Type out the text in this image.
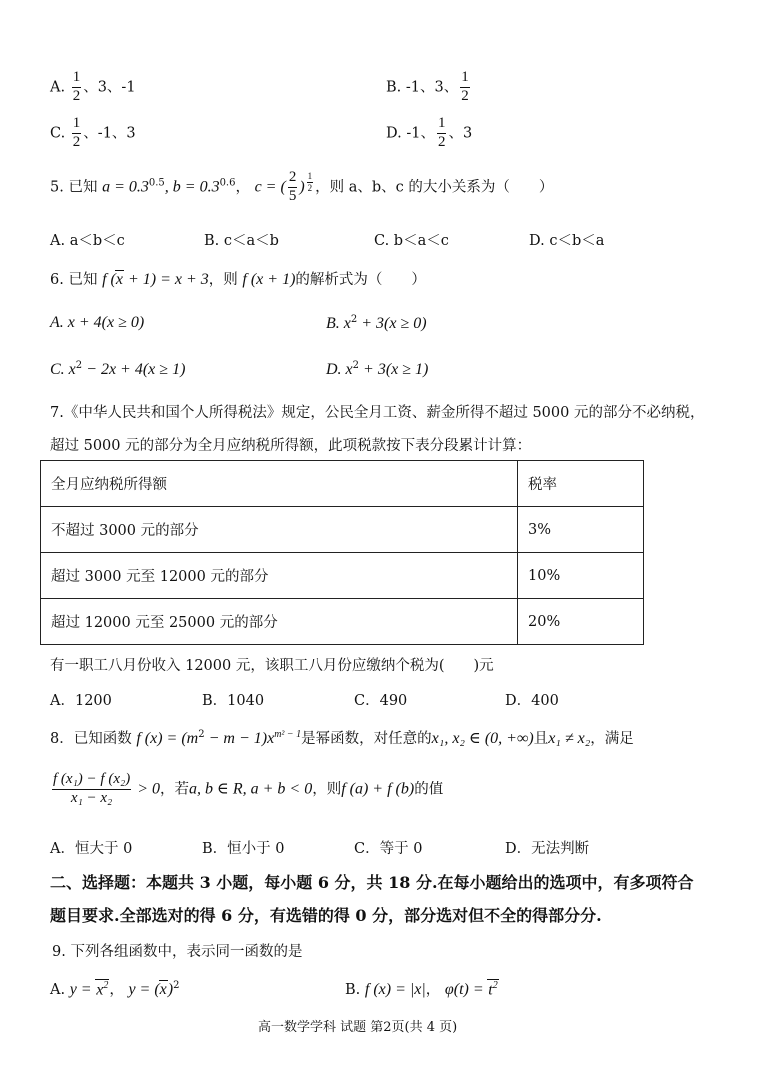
A. $\frac{1}{2}$ 、3、-1	B. -1、3、 $\frac{1}{2}$
C. $\frac{1}{2}$ 、-1、3	D. -1、 $\frac{1}{2}$ 、3
5. 已知 $a = 0.3^{0.5}$, $b = 0.3^{0.6}$， c = ( $\frac{2}{5}$ ) $^{\frac{1}{2}}$ ，则 a、b、c 的大小关系为（　　）
A. a＜b＜c	B. c＜a＜b	C. b＜a＜c	D. c＜b＜a
6. 已知 f (x + 1) = x + 3，则 f (x + 1)的解析式为（　　）
A. x + 4(x ≥ 0)	B. $x^2 + 3(x \ge 0)$
C. $x^2 - 2x + 4(x \ge 1)$	D. $x^2 + 3(x \ge 1)$
7.《中华人民共和国个人所得税法》规定，公民全月工资、薪金所得不超过 5000 元的部分不必纳税，
超过 5000 元的部分为全月应纳税所得额，此项税款按下表分段累计计算：
全月应纳税所得额	税率
不超过 3000 元的部分	3%
超过 3000 元至 12000 元的部分	10%
超过 12000 元至 25000 元的部分	20%
有一职工八月份收入 12000 元，该职工八月份应缴纳个税为(　　)元
A．1200	B．1040	C．490	D．400
8．已知函数 f $(x) = (m^2 - m - 1)x^{m^2 - 1}$是幂函数，对任意的x₁, x₂ ∈ (0, +∞)且x₁ ≠ x₂，满足
$\frac{\text{f (x₁) − f (x₂)}}{\text{x₁ − x₂}} > 0$，若a, b ∈ R, a + b < 0，则f (a) + f (b)的值
A．恒大于 0	B．恒小于 0	C．等于 0	D．无法判断
二、选择题：本题共 3 小题，每小题 6 分，共 18 分.在每小题给出的选项中，有多项符合
题目要求.全部选对的得 6 分，有选错的得 0 分，部分选对但不全的得部分分.
9. 下列各组函数中，表示同一函数的是
A. $y = x^2$， $y = (x)^2$	B. f (x) = |x|， $\varphi(t) = t^2$
高一数学学科 试题 第2页(共 4 页)
